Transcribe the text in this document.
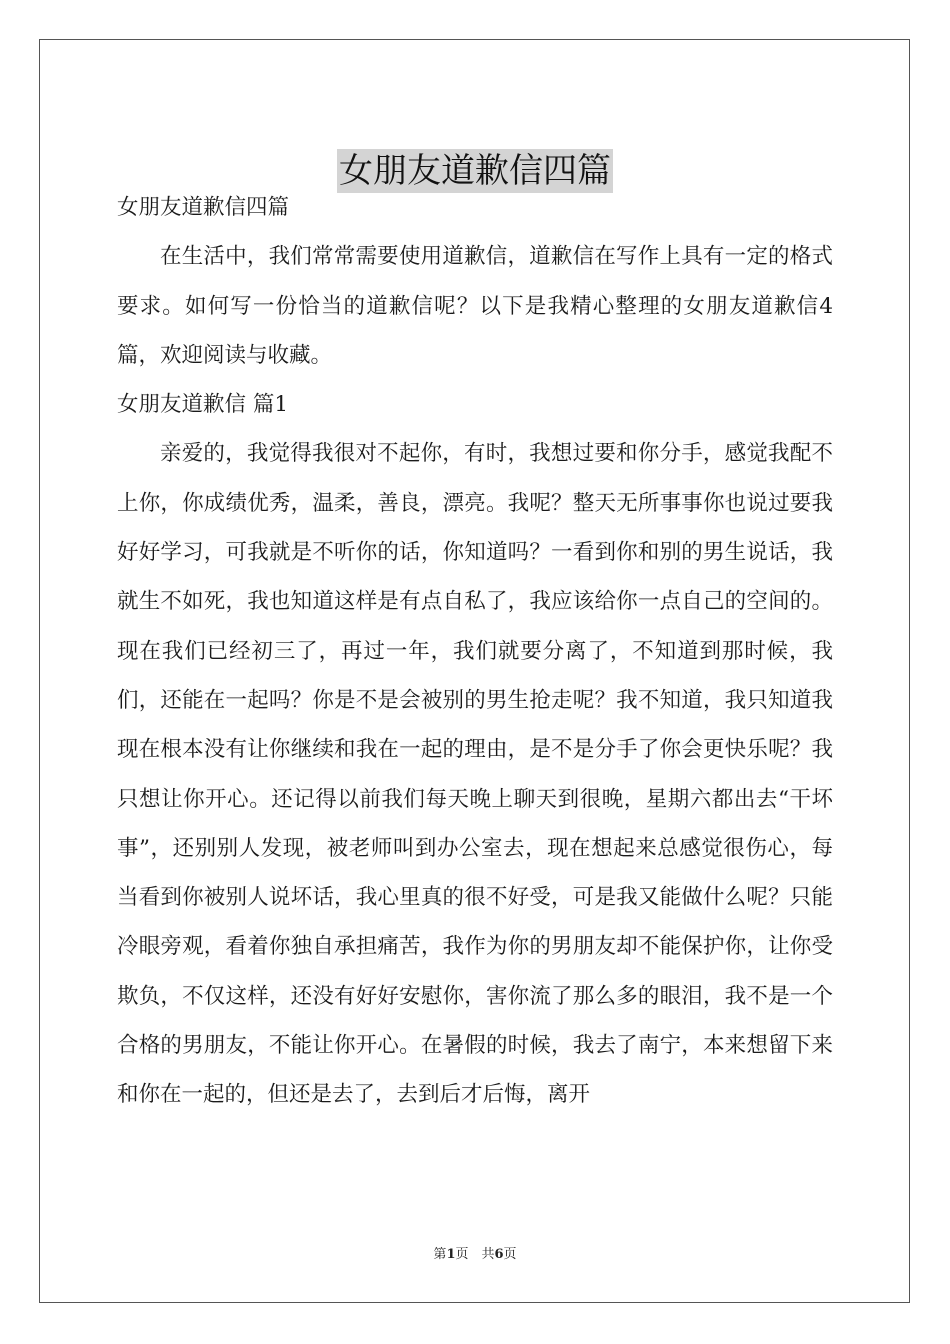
女朋友道歉信四篇

女朋友道歉信四篇

在生活中，我们常常需要使用道歉信，道歉信在写作上具有一定的格式要求。如何写一份恰当的道歉信呢？以下是我精心整理的女朋友道歉信4篇，欢迎阅读与收藏。

女朋友道歉信 篇1

亲爱的，我觉得我很对不起你，有时，我想过要和你分手，感觉我配不上你，你成绩优秀，温柔，善良，漂亮。我呢？整天无所事事你也说过要我好好学习，可我就是不听你的话，你知道吗？一看到你和别的男生说话，我就生不如死，我也知道这样是有点自私了，我应该给你一点自己的空间的。现在我们已经初三了，再过一年，我们就要分离了，不知道到那时候，我们，还能在一起吗？你是不是会被别的男生抢走呢？我不知道，我只知道我现在根本没有让你继续和我在一起的理由，是不是分手了你会更快乐呢？我只想让你开心。还记得以前我们每天晚上聊天到很晚，星期六都出去“干坏事”，还别别人发现，被老师叫到办公室去，现在想起来总感觉很伤心，每当看到你被别人说坏话，我心里真的很不好受，可是我又能做什么呢？只能冷眼旁观，看着你独自承担痛苦，我作为你的男朋友却不能保护你，让你受欺负，不仅这样，还没有好好安慰你，害你流了那么多的眼泪，我不是一个合格的男朋友，不能让你开心。在暑假的时候，我去了南宁，本来想留下来和你在一起的，但还是去了，去到后才后悔，离开

第1页　共6页
